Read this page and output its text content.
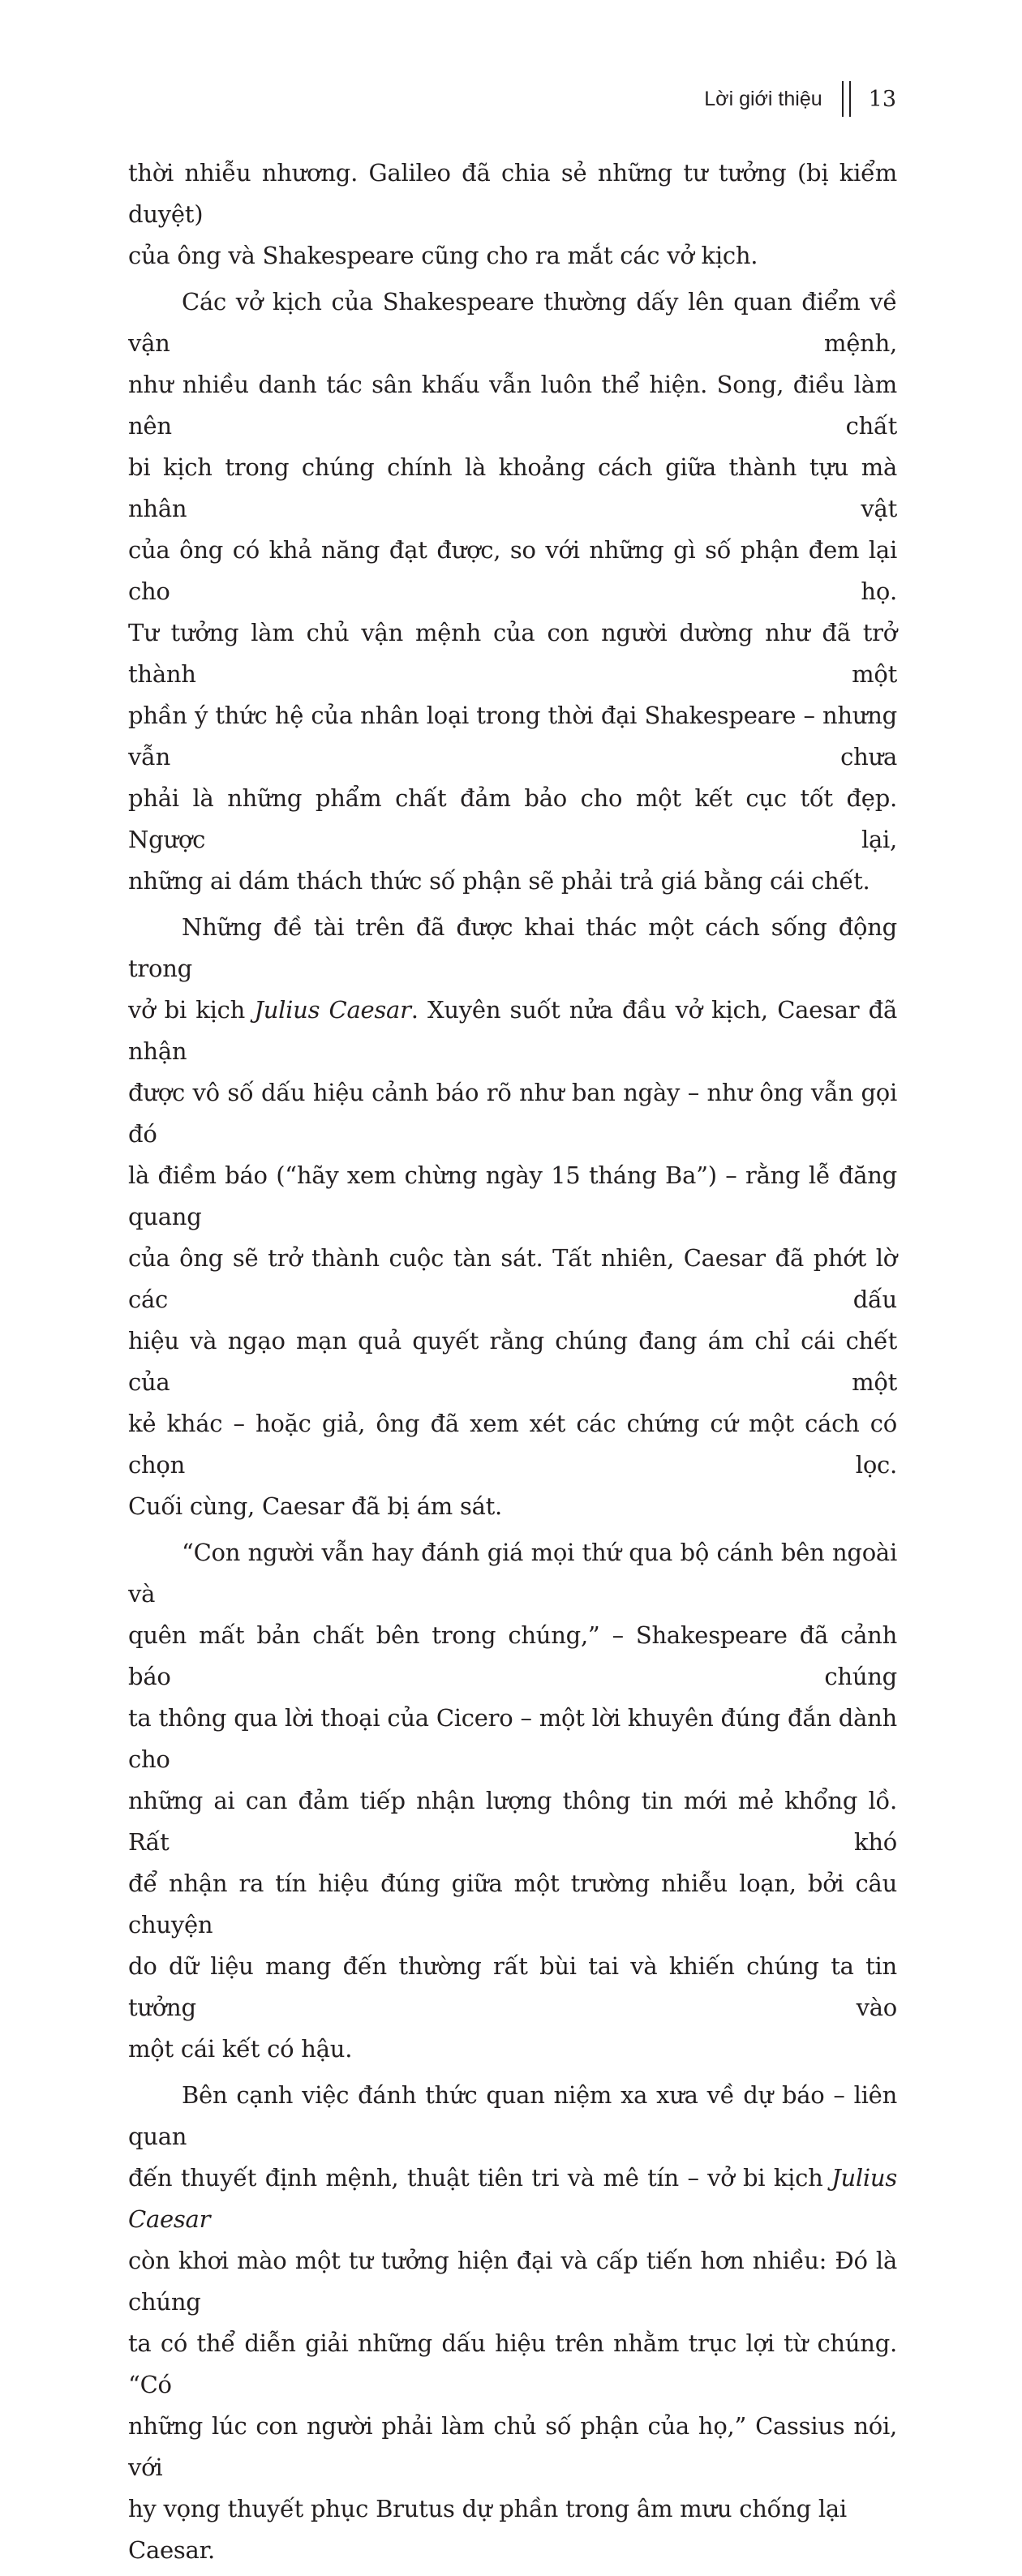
Lời giới thiệu 13

thời nhiễu nhương. Galileo đã chia sẻ những tư tưởng (bị kiểm duyệt)
của ông và Shakespeare cũng cho ra mắt các vở kịch.

Các vở kịch của Shakespeare thường dấy lên quan điểm về vận mệnh,
như nhiều danh tác sân khấu vẫn luôn thể hiện. Song, điều làm nên chất
bi kịch trong chúng chính là khoảng cách giữa thành tựu mà nhân vật
của ông có khả năng đạt được, so với những gì số phận đem lại cho họ.
Tư tưởng làm chủ vận mệnh của con người dường như đã trở thành một
phần ý thức hệ của nhân loại trong thời đại Shakespeare – nhưng vẫn chưa
phải là những phẩm chất đảm bảo cho một kết cục tốt đẹp. Ngược lại,
những ai dám thách thức số phận sẽ phải trả giá bằng cái chết.

Những đề tài trên đã được khai thác một cách sống động trong
vở bi kịch Julius Caesar. Xuyên suốt nửa đầu vở kịch, Caesar đã nhận
được vô số dấu hiệu cảnh báo rõ như ban ngày – như ông vẫn gọi đó
là điềm báo (“hãy xem chừng ngày 15 tháng Ba”) – rằng lễ đăng quang
của ông sẽ trở thành cuộc tàn sát. Tất nhiên, Caesar đã phớt lờ các dấu
hiệu và ngạo mạn quả quyết rằng chúng đang ám chỉ cái chết của một
kẻ khác – hoặc giả, ông đã xem xét các chứng cứ một cách có chọn lọc.
Cuối cùng, Caesar đã bị ám sát.

“Con người vẫn hay đánh giá mọi thứ qua bộ cánh bên ngoài và
quên mất bản chất bên trong chúng,” – Shakespeare đã cảnh báo chúng
ta thông qua lời thoại của Cicero – một lời khuyên đúng đắn dành cho
những ai can đảm tiếp nhận lượng thông tin mới mẻ khổng lồ. Rất khó
để nhận ra tín hiệu đúng giữa một trường nhiễu loạn, bởi câu chuyện
do dữ liệu mang đến thường rất bùi tai và khiến chúng ta tin tưởng vào
một cái kết có hậu.

Bên cạnh việc đánh thức quan niệm xa xưa về dự báo – liên quan
đến thuyết định mệnh, thuật tiên tri và mê tín – vở bi kịch Julius Caesar
còn khơi mào một tư tưởng hiện đại và cấp tiến hơn nhiều: Đó là chúng
ta có thể diễn giải những dấu hiệu trên nhằm trục lợi từ chúng. “Có
những lúc con người phải làm chủ số phận của họ,” Cassius nói, với
hy vọng thuyết phục Brutus dự phần trong âm mưu chống lại Caesar.
